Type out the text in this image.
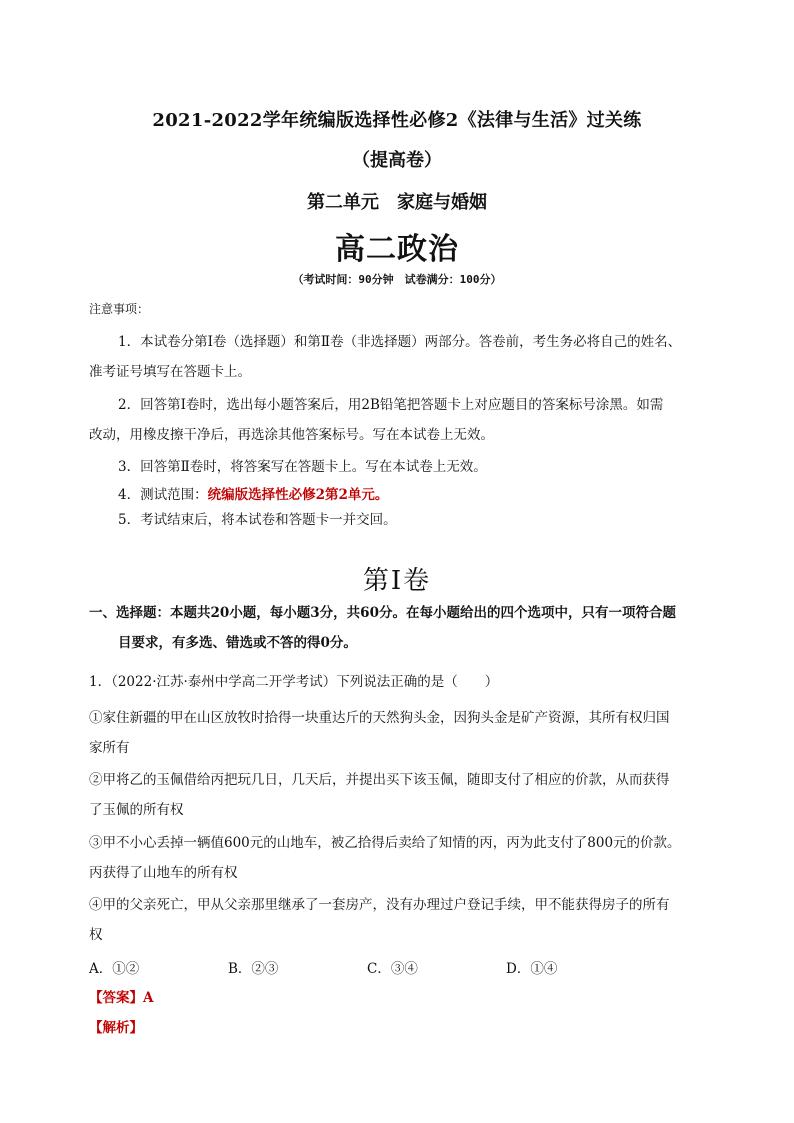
2021-2022学年统编版选择性必修2《法律与生活》过关练
（提高卷）
第二单元　家庭与婚姻
高二政治
（考试时间：90分钟　试卷满分：100分）
注意事项：
1．本试卷分第Ⅰ卷（选择题）和第Ⅱ卷（非选择题）两部分。答卷前，考生务必将自己的姓名、
准考证号填写在答题卡上。
2．回答第Ⅰ卷时，选出每小题答案后，用2B铅笔把答题卡上对应题目的答案标号涂黑。如需
改动，用橡皮擦干净后，再选涂其他答案标号。写在本试卷上无效。
3．回答第Ⅱ卷时，将答案写在答题卡上。写在本试卷上无效。
4．测试范围：统编版选择性必修2第2单元。
5．考试结束后，将本试卷和答题卡一并交回。
第Ⅰ卷
一、选择题：本题共20小题，每小题3分，共60分。在每小题给出的四个选项中，只有一项符合题
目要求，有多选、错选或不答的得0分。
1．（2022·江苏·泰州中学高二开学考试）下列说法正确的是（　　）
①家住新疆的甲在山区放牧时拾得一块重达斤的天然狗头金，因狗头金是矿产资源，其所有权归国
家所有
②甲将乙的玉佩借给丙把玩几日，几天后，并提出买下该玉佩，随即支付了相应的价款，从而获得
了玉佩的所有权
③甲不小心丢掉一辆值600元的山地车，被乙拾得后卖给了知情的丙，丙为此支付了800元的价款。
丙获得了山地车的所有权
④甲的父亲死亡，甲从父亲那里继承了一套房产，没有办理过户登记手续，甲不能获得房子的所有
权
A．①②	B．②③	C．③④	D．①④
【答案】A
【解析】
